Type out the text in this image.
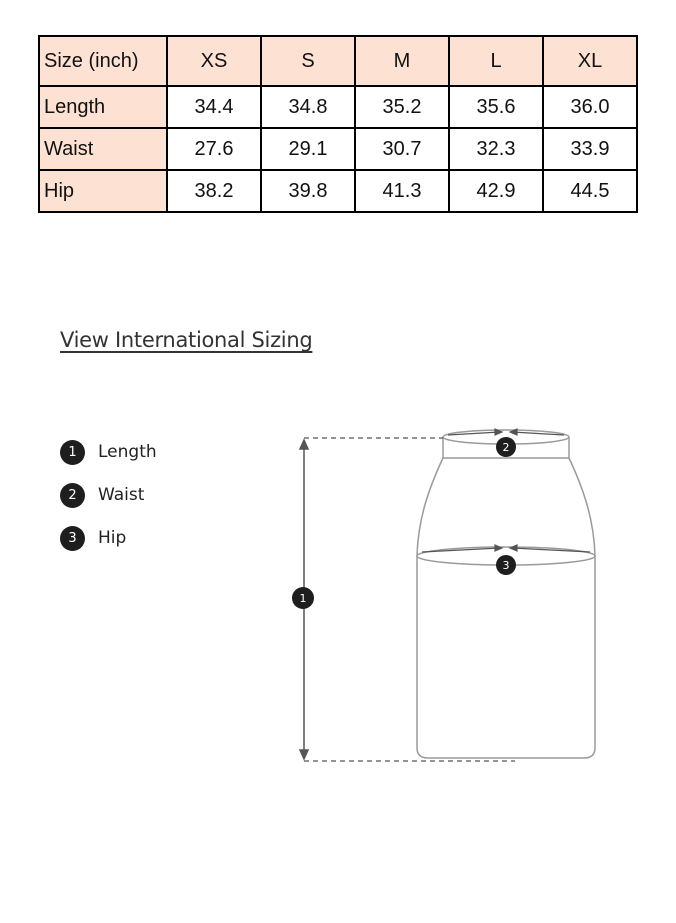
Size (inch)	XS	S	M	L	XL
Length	34.4	34.8	35.2	35.6	36.0
Waist	27.6	29.1	30.7	32.3	33.9
Hip	38.2	39.8	41.3	42.9	44.5
View International Sizing
1	Length
2	Waist
3	Hip
1
2
3
